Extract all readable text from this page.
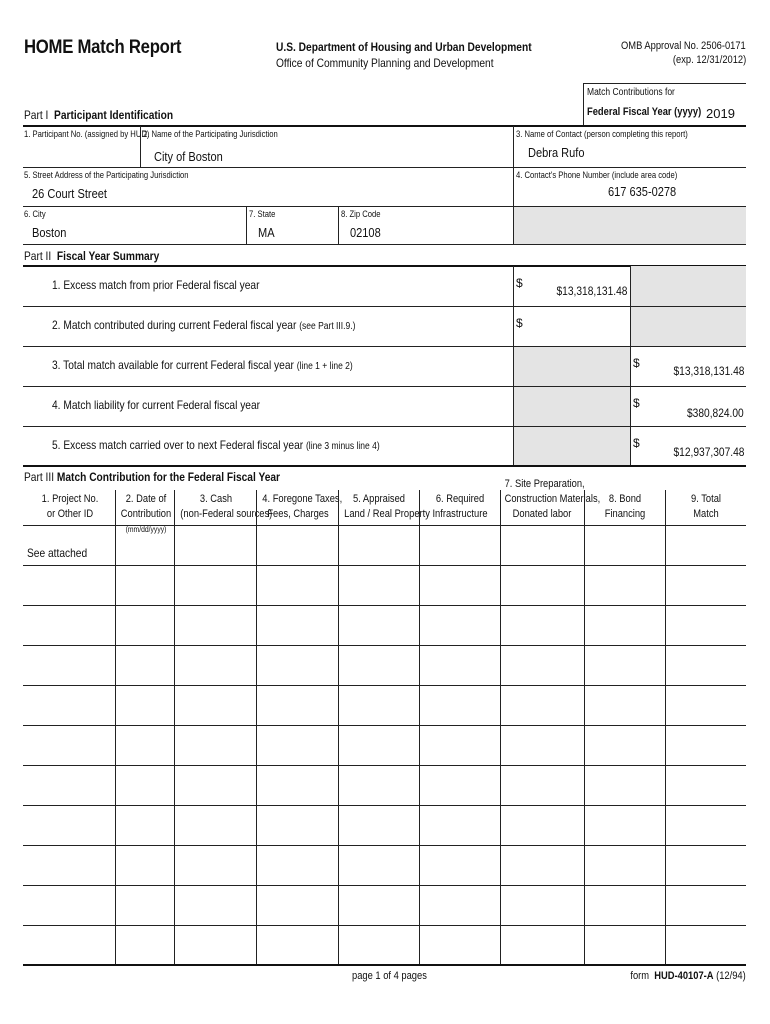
HOME Match Report	U.S. Department of Housing and Urban Development
Office of Community Planning and Development
OMB Approval No. 2506-0171
(exp. 12/31/2012)
Match Contributions for
Federal Fiscal Year (yyyy) 2019
Part I Participant Identification
1. Participant No. (assigned by HUD)
2. Name of the Participating Jurisdiction
City of Boston
3. Name of Contact (person completing this report)
Debra Rufo
5. Street Address of the Participating Jurisdiction
26 Court Street
4. Contact's Phone Number (include area code)
617 635-0278
6. City
Boston
7. State
MA
8. Zip Code
02108
Part II Fiscal Year Summary
1. Excess match from prior Federal fiscal year	$
$13,318,131.48
2. Match contributed during current Federal fiscal year (see Part III.9.)	$
3. Total match available for current Federal fiscal year (line 1 + line 2)	$
$13,318,131.48
4. Match liability for current Federal fiscal year	$
$380,824.00
5. Excess match carried over to next Federal fiscal year (line 3 minus line 4)	$
$12,937,307.48
Part III Match Contribution for the Federal Fiscal Year
1. Project No.
or Other ID
2. Date of
Contribution
(mm/dd/yyyy)
3. Cash
(non-Federal sources)
4. Foregone Taxes,
Fees, Charges
5. Appraised
Land / Real Property
6. Required
Infrastructure
7. Site Preparation,
Construction Materials,
Donated labor
8. Bond
Financing
9. Total
Match
See attached
page 1 of 4 pages	form HUD-40107-A (12/94)
